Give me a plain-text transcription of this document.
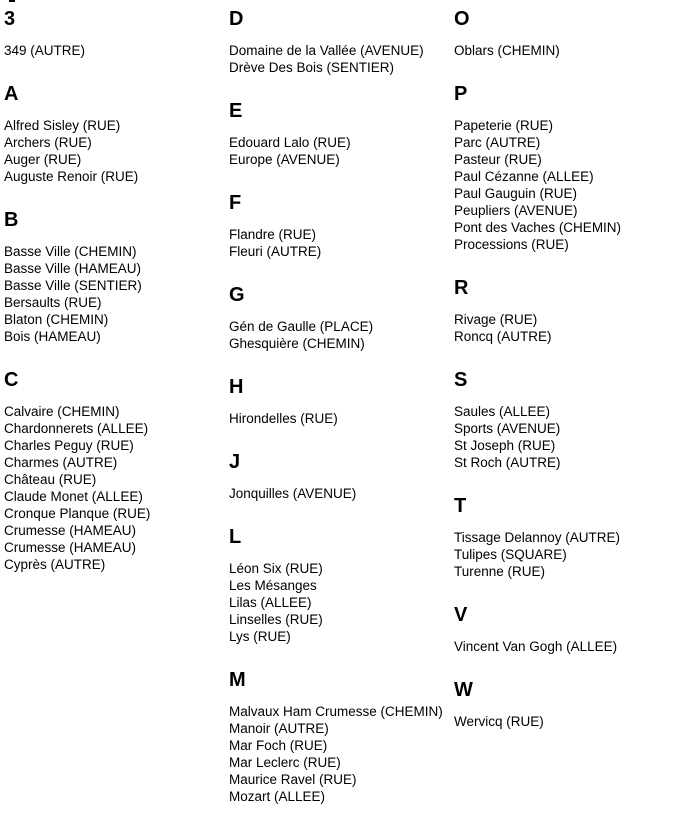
3
349 (AUTRE)
A
Alfred Sisley (RUE)
Archers (RUE)
Auger (RUE)
Auguste Renoir (RUE)
B
Basse Ville (CHEMIN)
Basse Ville (HAMEAU)
Basse Ville (SENTIER)
Bersaults (RUE)
Blaton (CHEMIN)
Bois (HAMEAU)
C
Calvaire (CHEMIN)
Chardonnerets (ALLEE)
Charles Peguy (RUE)
Charmes (AUTRE)
Château (RUE)
Claude Monet (ALLEE)
Cronque Planque (RUE)
Crumesse (HAMEAU)
Crumesse (HAMEAU)
Cyprès (AUTRE)
D
Domaine de la Vallée (AVENUE)
Drève Des Bois (SENTIER)
E
Edouard Lalo (RUE)
Europe (AVENUE)
F
Flandre (RUE)
Fleuri (AUTRE)
G
Gén de Gaulle (PLACE)
Ghesquière (CHEMIN)
H
Hirondelles (RUE)
J
Jonquilles (AVENUE)
L
Léon Six (RUE)
Les Mésanges
Lilas (ALLEE)
Linselles (RUE)
Lys (RUE)
M
Malvaux Ham Crumesse (CHEMIN)
Manoir (AUTRE)
Mar Foch (RUE)
Mar Leclerc (RUE)
Maurice Ravel (RUE)
Mozart (ALLEE)
O
Oblars (CHEMIN)
P
Papeterie (RUE)
Parc (AUTRE)
Pasteur (RUE)
Paul Cézanne (ALLEE)
Paul Gauguin (RUE)
Peupliers (AVENUE)
Pont des Vaches (CHEMIN)
Processions (RUE)
R
Rivage (RUE)
Roncq (AUTRE)
S
Saules (ALLEE)
Sports (AVENUE)
St Joseph (RUE)
St Roch (AUTRE)
T
Tissage Delannoy (AUTRE)
Tulipes (SQUARE)
Turenne (RUE)
V
Vincent Van Gogh (ALLEE)
W
Wervicq (RUE)
